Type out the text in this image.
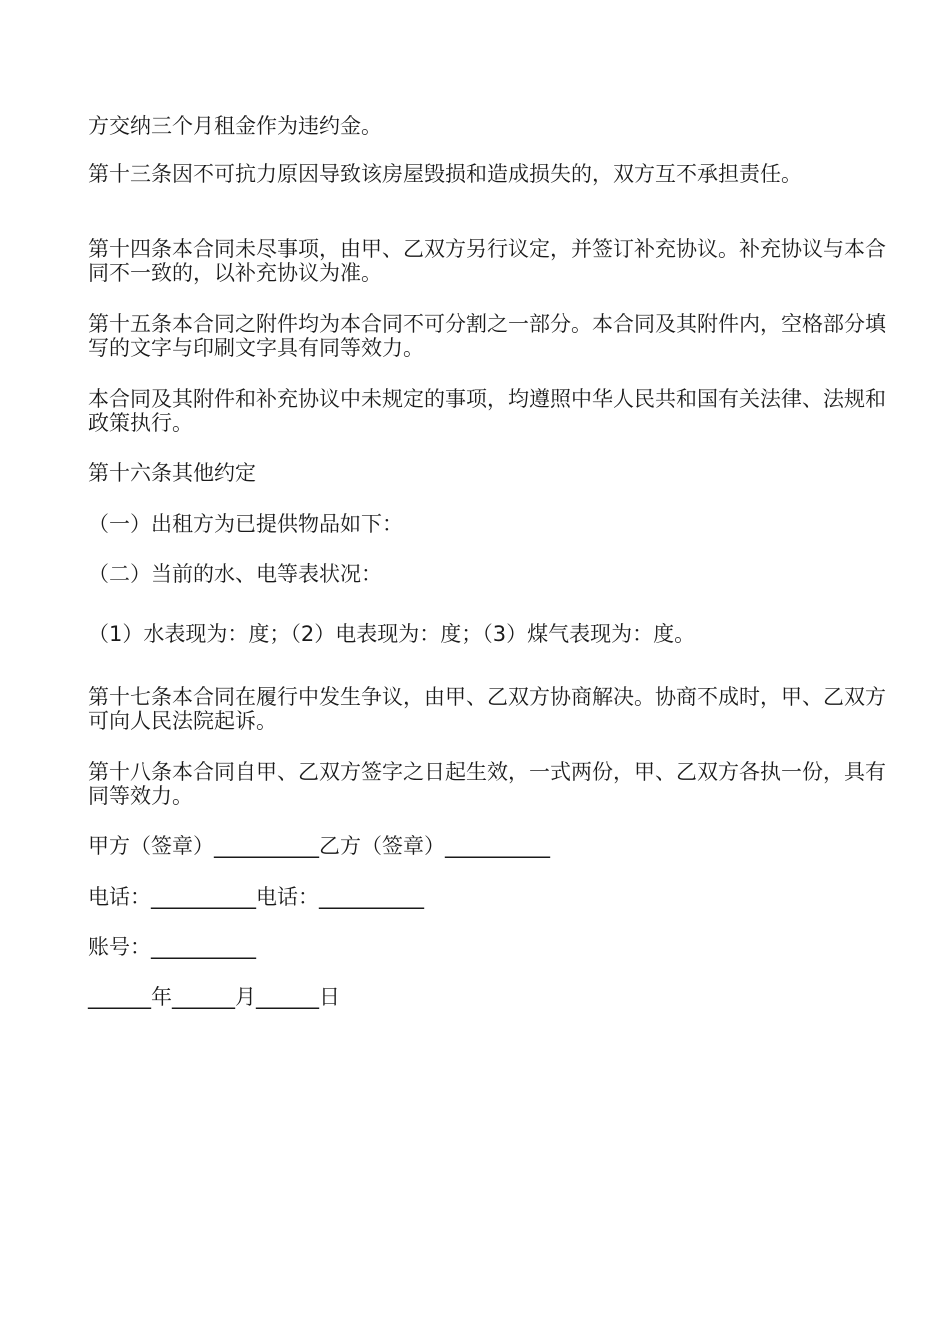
方交纳三个月租金作为违约金。

第十三条因不可抗力原因导致该房屋毁损和造成损失的，双方互不承担责任。

第十四条本合同未尽事项，由甲、乙双方另行议定，并签订补充协议。补充协议与本合同不一致的，以补充协议为准。

第十五条本合同之附件均为本合同不可分割之一部分。本合同及其附件内，空格部分填写的文字与印刷文字具有同等效力。

本合同及其附件和补充协议中未规定的事项，均遵照中华人民共和国有关法律、法规和政策执行。

第十六条其他约定

（一）出租方为已提供物品如下：

（二）当前的水、电等表状况：

（1）水表现为：度；（2）电表现为：度；（3）煤气表现为：度。

第十七条本合同在履行中发生争议，由甲、乙双方协商解决。协商不成时，甲、乙双方可向人民法院起诉。

第十八条本合同自甲、乙双方签字之日起生效，一式两份，甲、乙双方各执一份，具有同等效力。

甲方（签章）__________乙方（签章）__________

电话：__________电话：__________

账号：__________

______年______月______日
